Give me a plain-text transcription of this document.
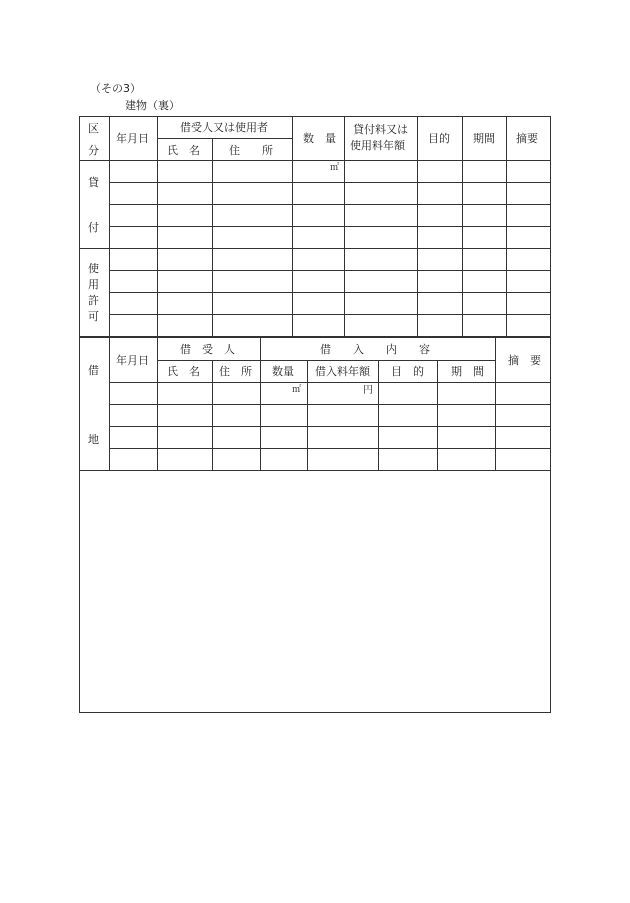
（その3）
建物（裏）
区
分
年月日
借受人又は使用者
氏　名	住　　所
数　量
貸付料又は
使用料年額
目的 期間 摘要
㎡
貸
付
使
用
許
可
借
地
年月日
借　受　人
氏　名 住　所
借　　入　　内　　容
数量 借入料年額 目　的 期　間
摘　要
㎡	円
